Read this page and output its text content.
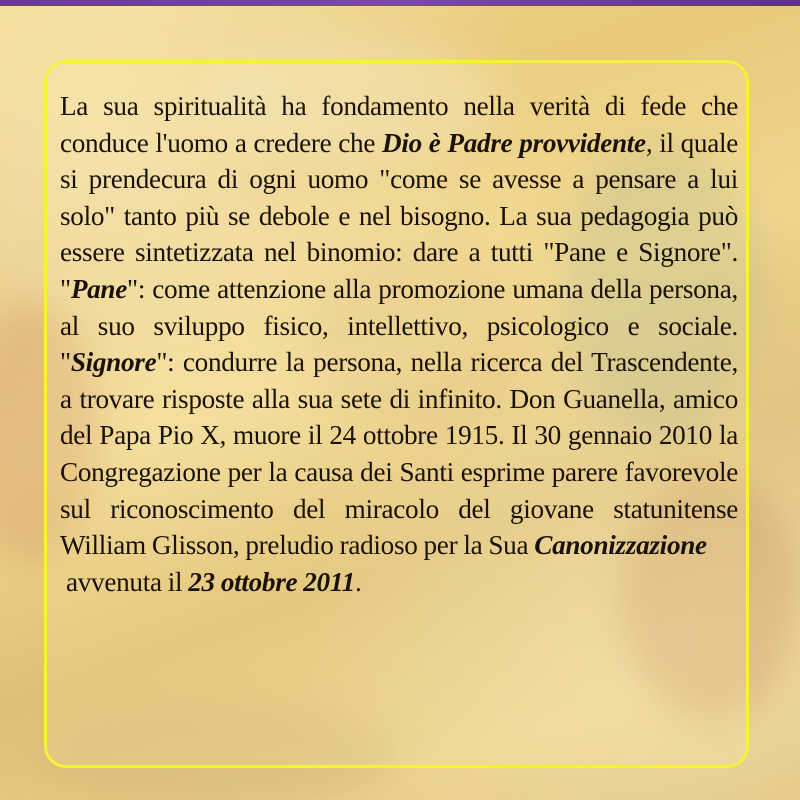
La sua spiritualità ha fondamento nella verità di fede che conduce l'uomo a credere che Dio è Padre provvidente, il quale si prendecura di ogni uomo "come se avesse a pensare a lui solo" tanto più se debole e nel bisogno. La sua pedagogia può essere sintetizzata nel binomio: dare a tutti "Pane e Signore". "Pane": come attenzione alla promozione umana della persona, al suo sviluppo fisico, intellettivo, psicologico e sociale. "Signore": condurre la persona, nella ricerca del Trascendente, a trovare risposte alla sua sete di infinito. Don Guanella, amico del Papa Pio X, muore il 24 ottobre 1915. Il 30 gennaio 2010 la Congregazione per la causa dei Santi esprime parere favorevole sul riconoscimento del miracolo del giovane statunitense William Glisson, preludio radioso per la Sua Canonizzazione
avvenuta il 23 ottobre 2011.
